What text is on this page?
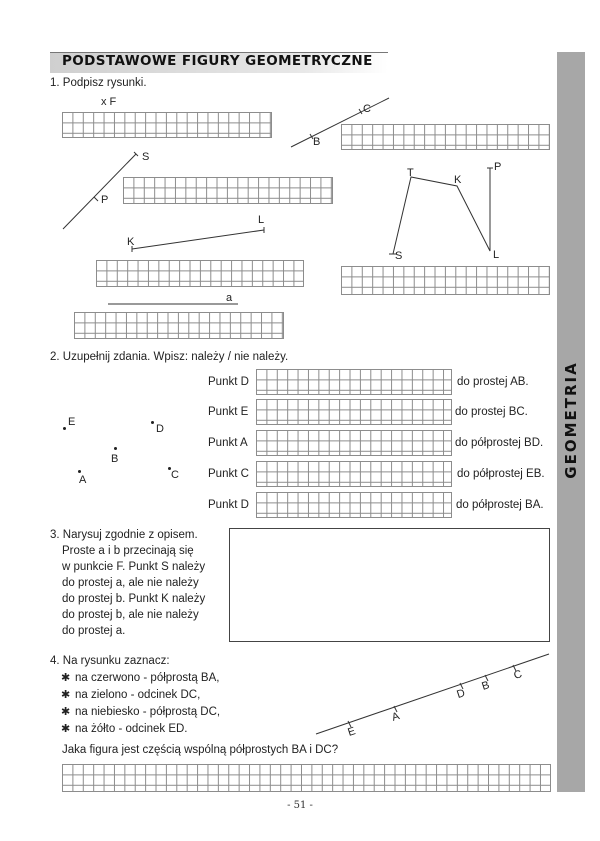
PODSTAWOWE FIGURY GEOMETRYCZNE
GEOMETRIA
1. Podpisz rysunki.
x F
C
B
S
P
T
K
P
S	L
L
K
a
2. Uzupełnij zdania. Wpisz: należy / nie należy.
E
D
B
A	C
Punkt D	do prostej AB.
Punkt E	do prostej BC.
Punkt A	do półprostej BD.
Punkt C	do półprostej EB.
Punkt D	do półprostej BA.
3. Narysuj zgodnie z opisem.
Proste a i b przecinają się
w punkcie F. Punkt S należy
do prostej a, ale nie należy
do prostej b. Punkt K należy
do prostej b, ale nie należy
do prostej a.
4. Na rysunku zaznacz:
✱ na czerwono - półprostą BA,
✱ na zielono - odcinek DC,
✱ na niebiesko - półprostą DC,
✱ na żółto - odcinek ED.	E
A
D
B
C
Jaka figura jest częścią wspólną półprostych BA i DC?
- 51 -
